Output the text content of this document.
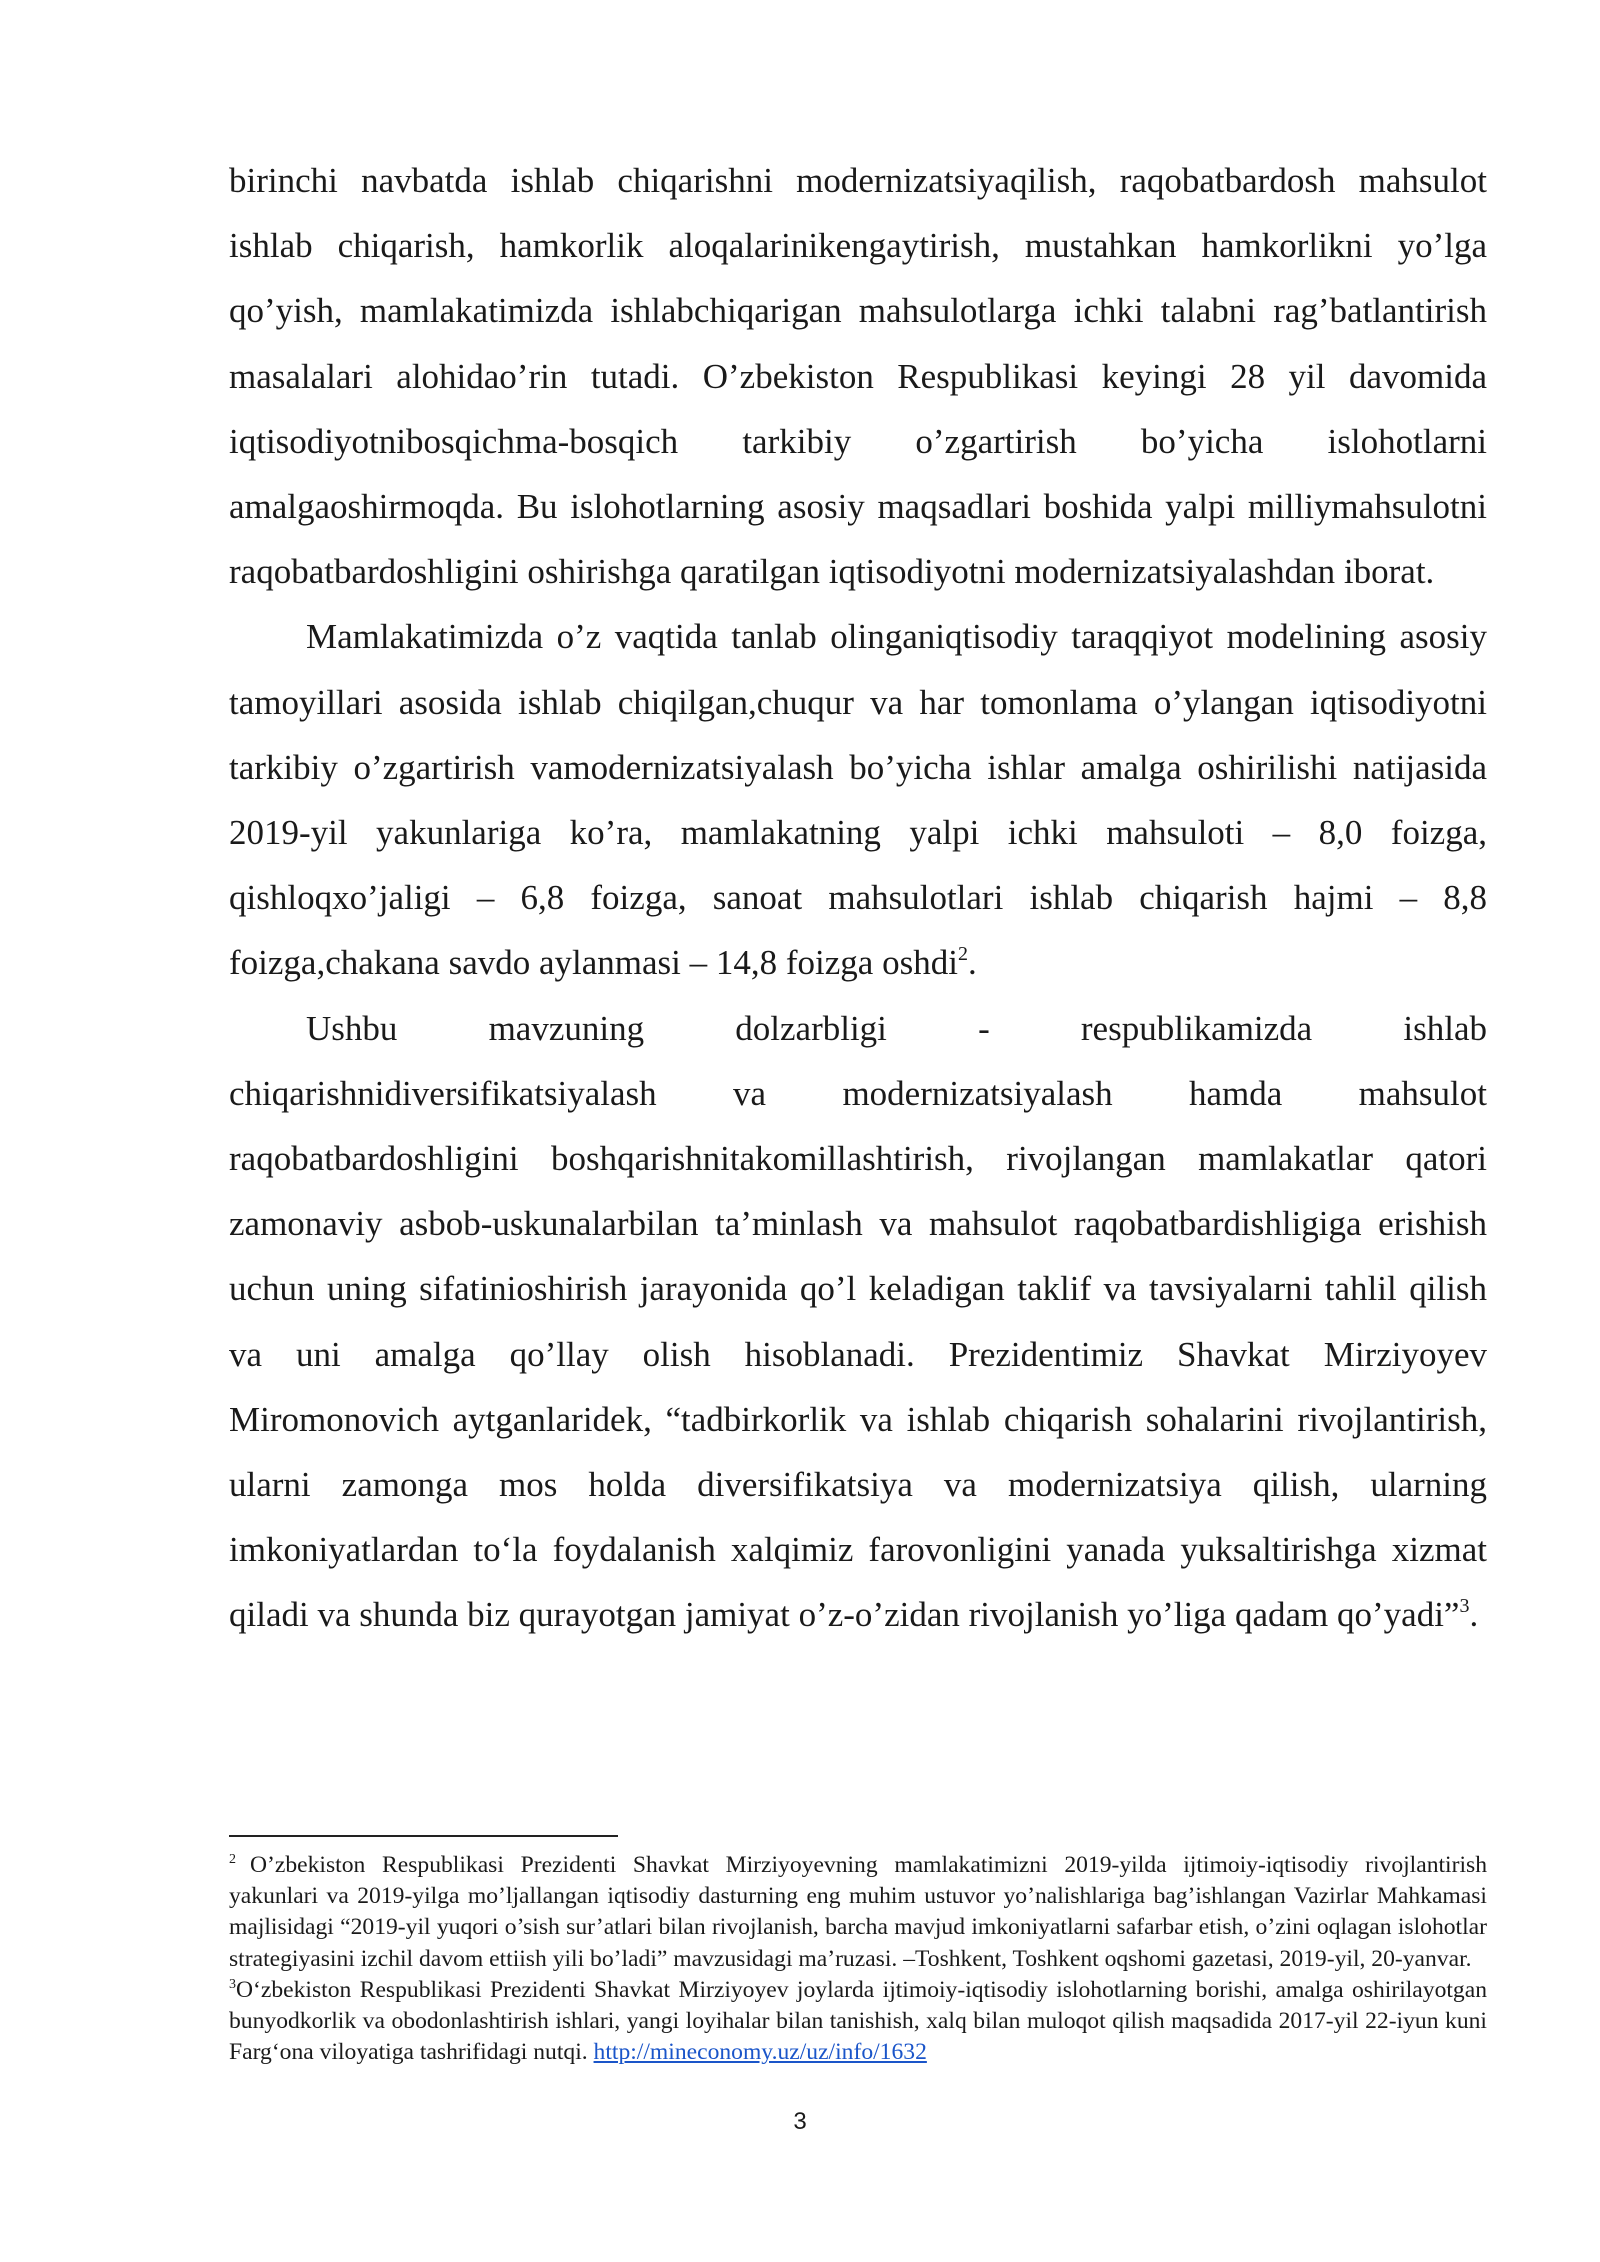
birinchi navbatda ishlab chiqarishni modernizatsiyaqilish, raqobatbardosh mahsulot ishlab chiqarish, hamkorlik aloqalarinikengaytirish, mustahkan hamkorlikni yo’lga qo’yish, mamlakatimizda ishlabchiqarigan mahsulotlarga ichki talabni rag’batlantirish masalalari alohidao’rin tutadi. O’zbekiston Respublikasi keyingi 28 yil davomida iqtisodiyotnibosqichma-bosqich tarkibiy o’zgartirish bo’yicha islohotlarni amalgaoshirmoqda. Bu islohotlarning asosiy maqsadlari boshida yalpi milliymahsulotni raqobatbardoshligini oshirishga qaratilgan iqtisodiyotni modernizatsiyalashdan iborat.

Mamlakatimizda o’z vaqtida tanlab olinganiqtisodiy taraqqiyot modelining asosiy tamoyillari asosida ishlab chiqilgan,chuqur va har tomonlama o’ylangan iqtisodiyotni tarkibiy o’zgartirish vamodernizatsiyalash bo’yicha ishlar amalga oshirilishi natijasida 2019-yil yakunlariga ko’ra, mamlakatning yalpi ichki mahsuloti – 8,0 foizga, qishloqxo’jaligi – 6,8 foizga, sanoat mahsulotlari ishlab chiqarish hajmi – 8,8 foizga,chakana savdo aylanmasi – 14,8 foizga oshdi$^2$.

Ushbu mavzuning dolzarbligi - respublikamizda ishlab chiqarishnidiversifikatsiyalash va modernizatsiyalash hamda mahsulot raqobatbardoshligini boshqarishnitakomillashtirish, rivojlangan mamlakatlar qatori zamonaviy asbob-uskunalarbilan ta’minlash va mahsulot raqobatbardishligiga erishish uchun uning sifatinioshirish jarayonida qo’l keladigan taklif va tavsiyalarni tahlil qilish va uni amalga qo’llay olish hisoblanadi. Prezidentimiz Shavkat Mirziyoyev Miromonovich aytganlaridek, “tadbirkorlik va ishlab chiqarish sohalarini rivojlantirish, ularni zamonga mos holda diversifikatsiya va modernizatsiya qilish, ularning imkoniyatlardan to‘la foydalanish xalqimiz farovonligini yanada yuksaltirishga xizmat qiladi va shunda biz qurayotgan jamiyat o’z-o’zidan rivojlanish yo’liga qadam qo’yadi”$^3$.

$^2$ O’zbekiston Respublikasi Prezidenti Shavkat Mirziyoyevning mamlakatimizni 2019-yilda ijtimoiy-iqtisodiy rivojlantirish yakunlari va 2019-yilga mo’ljallangan iqtisodiy dasturning eng muhim ustuvor yo’nalishlariga bag’ishlangan Vazirlar Mahkamasi majlisidagi “2019-yil yuqori o’sish sur’atlari bilan rivojlanish, barcha mavjud imkoniyatlarni safarbar etish, o’zini oqlagan islohotlar strategiyasini izchil davom ettiish yili bo’ladi” mavzusidagi ma’ruzasi. –Toshkent, Toshkent oqshomi gazetasi, 2019-yil, 20-yanvar.

$^3$O‘zbekiston Respublikasi Prezidenti Shavkat Mirziyoyev joylarda ijtimoiy-iqtisodiy islohotlarning borishi, amalga oshirilayotgan bunyodkorlik va obodonlashtirish ishlari, yangi loyihalar bilan tanishish, xalq bilan muloqot qilish maqsadida 2017-yil 22-iyun kuni Farg‘ona viloyatiga tashrifidagi nutqi. http://mineconomy.uz/uz/info/1632

3
